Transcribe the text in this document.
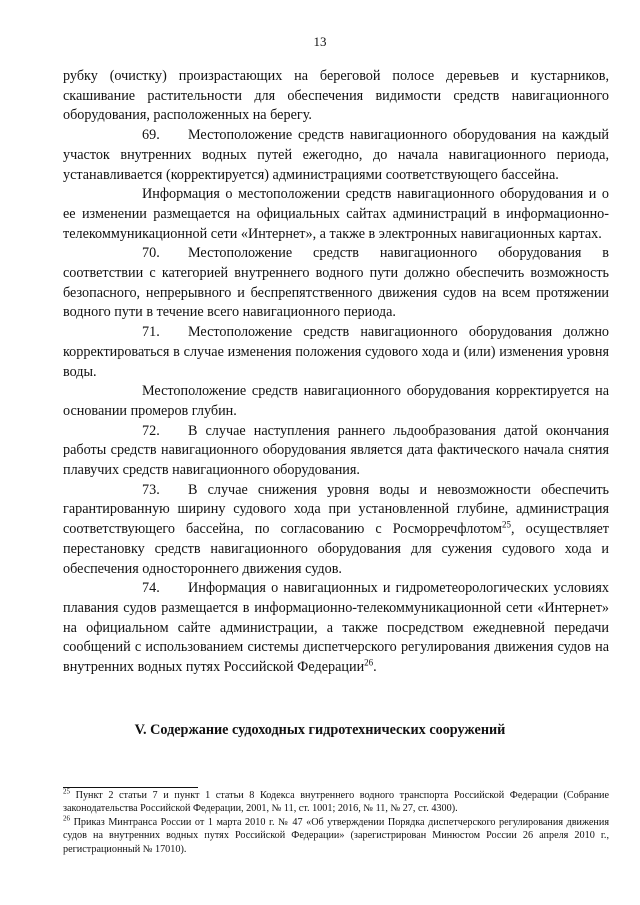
13

рубку (очистку) произрастающих на береговой полосе деревьев и кустарников, скашивание растительности для обеспечения видимости средств навигационного оборудования, расположенных на берегу.

69. Местоположение средств навигационного оборудования на каждый участок внутренних водных путей ежегодно, до начала навигационного периода, устанавливается (корректируется) администрациями соответствующего бассейна.

Информация о местоположении средств навигационного оборудования и о ее изменении размещается на официальных сайтах администраций в информационно-телекоммуникационной сети «Интернет», а также в электронных навигационных картах.

70. Местоположение средств навигационного оборудования в соответствии с категорией внутреннего водного пути должно обеспечить возможность безопасного, непрерывного и беспрепятственного движения судов на всем протяжении водного пути в течение всего навигационного периода.

71. Местоположение средств навигационного оборудования должно корректироваться в случае изменения положения судового хода и (или) изменения уровня воды.

Местоположение средств навигационного оборудования корректируется на основании промеров глубин.

72. В случае наступления раннего льдообразования датой окончания работы средств навигационного оборудования является дата фактического начала снятия плавучих средств навигационного оборудования.

73. В случае снижения уровня воды и невозможности обеспечить гарантированную ширину судового хода при установленной глубине, администрация соответствующего бассейна, по согласованию с Росморречфлотом$^{25}$, осуществляет перестановку средств навигационного оборудования для сужения судового хода и обеспечения одностороннего движения судов.

74. Информация о навигационных и гидрометеорологических условиях плавания судов размещается в информационно-телекоммуникационной сети «Интернет» на официальном сайте администрации, а также посредством ежедневной передачи сообщений с использованием системы диспетчерского регулирования движения судов на внутренних водных путях Российской Федерации$^{26}$.

V. Содержание судоходных гидротехнических сооружений

$^{25}$ Пункт 2 статьи 7 и пункт 1 статьи 8 Кодекса внутреннего водного транспорта Российской Федерации (Собрание законодательства Российской Федерации, 2001, № 11, ст. 1001; 2016, № 11, № 27, ст. 4300).

$^{26}$ Приказ Минтранса России от 1 марта 2010 г. № 47 «Об утверждении Порядка диспетчерского регулирования движения судов на внутренних водных путях Российской Федерации» (зарегистрирован Минюстом России 26 апреля 2010 г., регистрационный № 17010).
